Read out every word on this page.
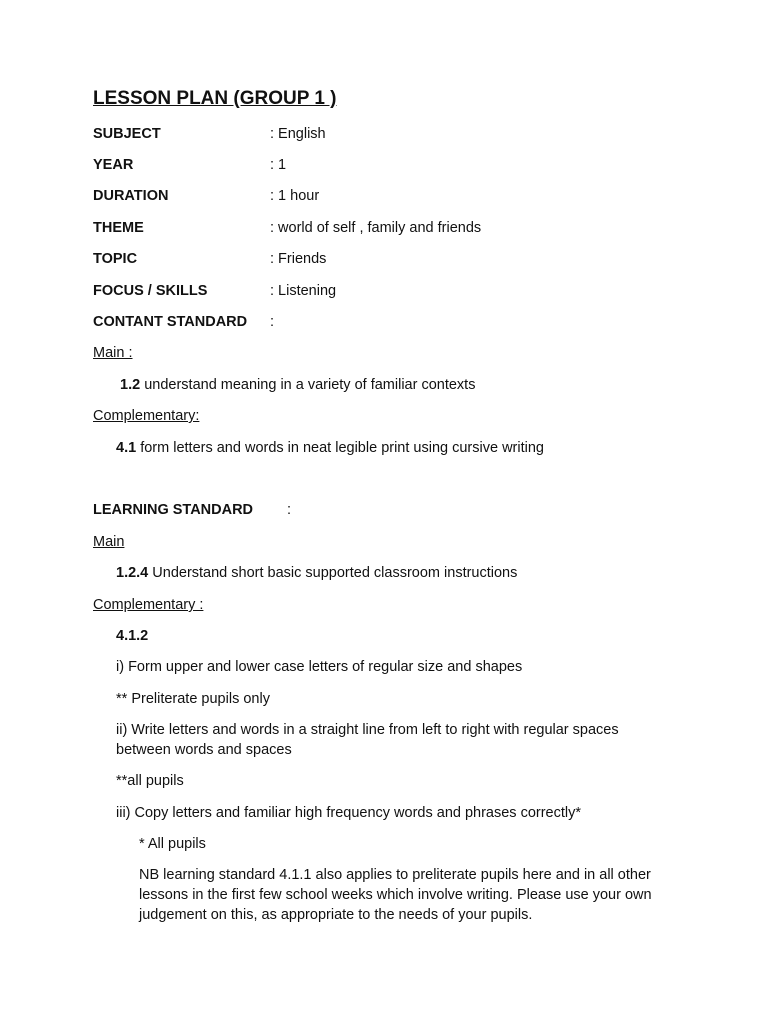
LESSON PLAN (GROUP 1 )
SUBJECT	: English
YEAR	: 1
DURATION	: 1 hour
THEME	: world of self , family and friends
TOPIC	: Friends
FOCUS / SKILLS	: Listening
CONTANT STANDARD :
Main :
1.2 understand meaning in a variety of familiar contexts
Complementary:
4.1 form letters and words in neat legible print using cursive writing
LEARNING STANDARD :
Main
1.2.4 Understand short basic supported classroom instructions
Complementary :
4.1.2
i) Form upper and lower case letters of regular size and shapes
** Preliterate pupils only
ii) Write letters and words in a straight line from left to right with regular spaces between words and spaces
**all pupils
iii) Copy letters and familiar high frequency words and phrases correctly*
* All pupils
NB learning standard 4.1.1 also applies to preliterate pupils here and in all other lessons in the first few school weeks which involve writing. Please use your own judgement on this, as appropriate to the needs of your pupils.
